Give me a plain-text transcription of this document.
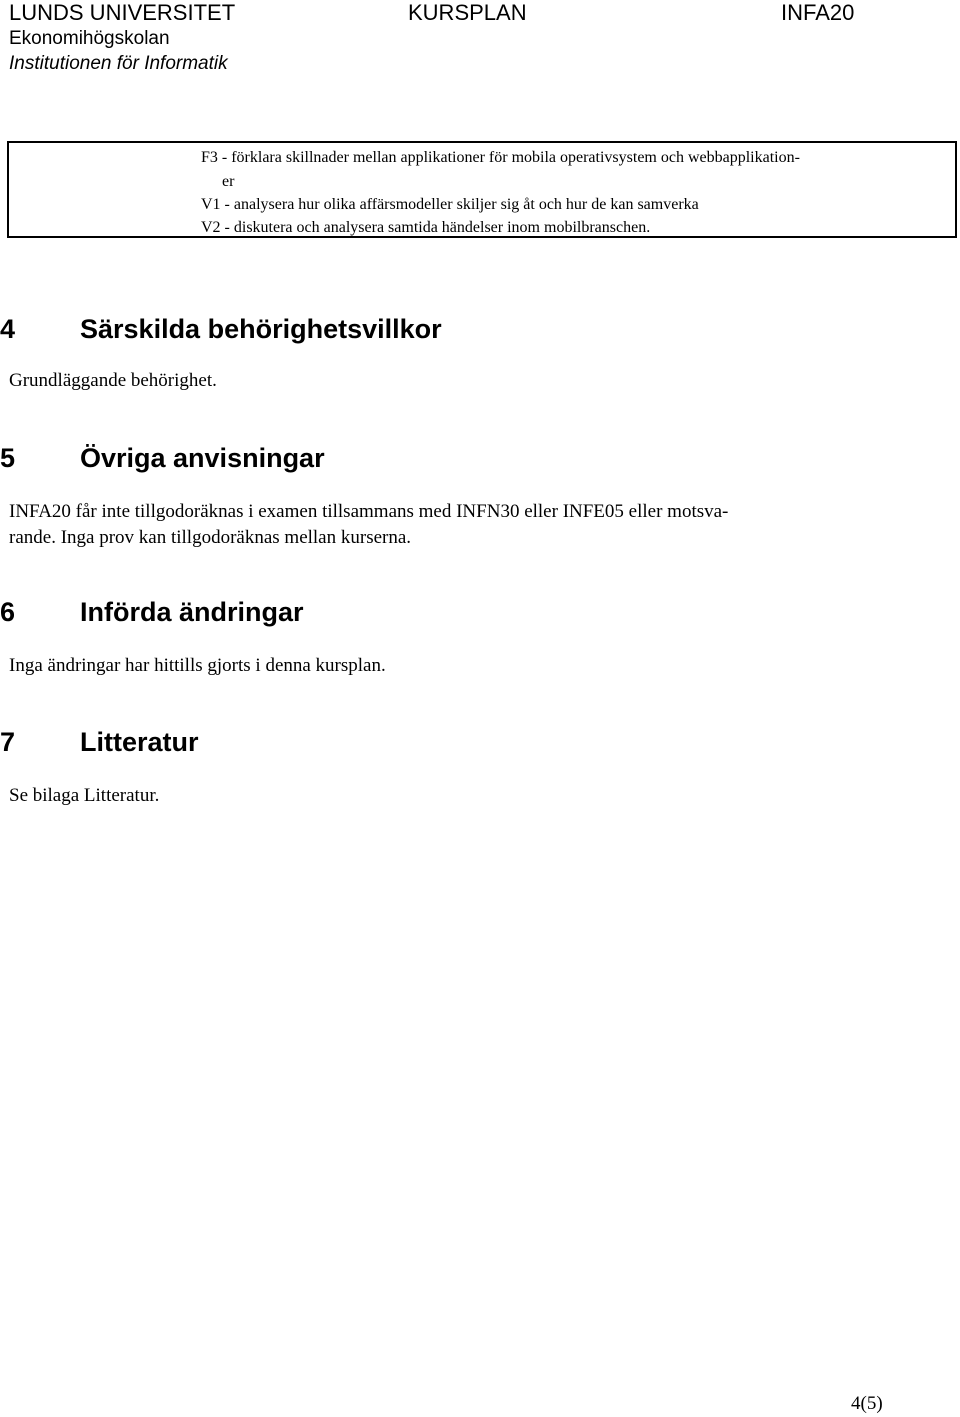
LUNDS UNIVERSITET	KURSPLAN	INFA20
Ekonomihögskolan
Institutionen för Informatik
F3 - förklara skillnader mellan applikationer för mobila operativsystem och webbapplikation-
er
V1 - analysera hur olika affärsmodeller skiljer sig åt och hur de kan samverka
V2 - diskutera och analysera samtida händelser inom mobilbranschen.
4 Särskilda behörighetsvillkor
Grundläggande behörighet.
5 Övriga anvisningar
INFA20 får inte tillgodoräknas i examen tillsammans med INFN30 eller INFE05 eller motsva-
rande. Inga prov kan tillgodoräknas mellan kurserna.
6 Införda ändringar
Inga ändringar har hittills gjorts i denna kursplan.
7 Litteratur
Se bilaga Litteratur.
4(5)
